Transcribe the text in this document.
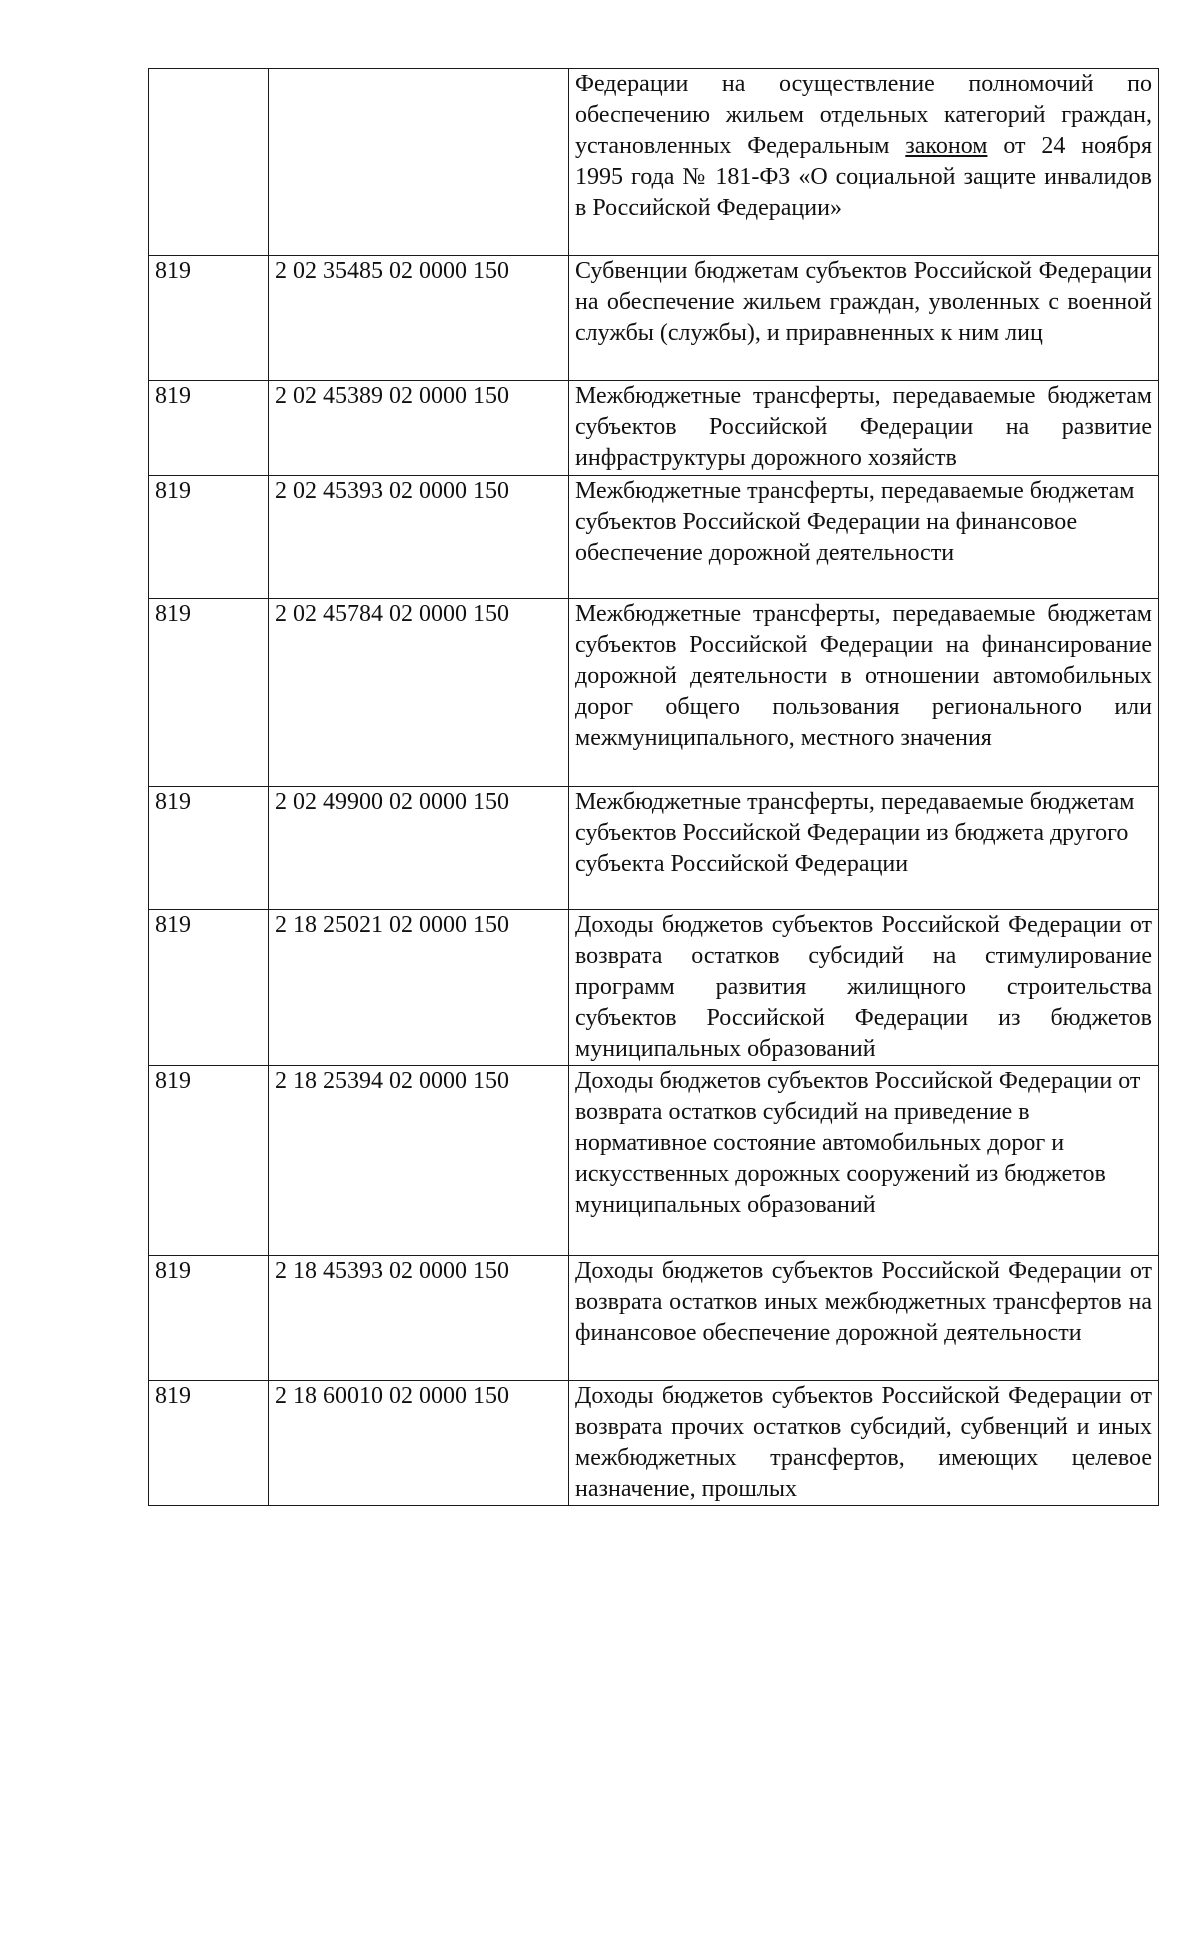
		Федерации на осуществление полномочий по обеспечению жильем отдельных категорий граждан, установленных Федеральным законом от 24 ноября 1995 года № 181-ФЗ «О социальной защите инвалидов в Российской Федерации»
819	2 02 35485 02 0000 150	Субвенции бюджетам субъектов Российской Федерации на обеспечение жильем граждан, уволенных с военной службы (службы), и приравненных к ним лиц
819	2 02 45389 02 0000 150	Межбюджетные трансферты, передаваемые бюджетам субъектов Российской Федерации на развитие инфраструктуры дорожного хозяйств
819	2 02 45393 02 0000 150	Межбюджетные трансферты, передаваемые бюджетам субъектов Российской Федерации на финансовое обеспечение дорожной деятельности
819	2 02 45784 02 0000 150	Межбюджетные трансферты, передаваемые бюджетам субъектов Российской Федерации на финансирование дорожной деятельности в отношении автомобильных дорог общего пользования регионального или межмуниципального, местного значения
819	2 02 49900 02 0000 150	Межбюджетные трансферты, передаваемые бюджетам субъектов Российской Федерации из бюджета другого субъекта Российской Федерации
819	2 18 25021 02 0000 150	Доходы бюджетов субъектов Российской Федерации от возврата остатков субсидий на стимулирование программ развития жилищного строительства субъектов Российской Федерации из бюджетов муниципальных образований
819	2 18 25394 02 0000 150	Доходы бюджетов субъектов Российской Федерации от возврата остатков субсидий на приведение в нормативное состояние автомобильных дорог и искусственных дорожных сооружений из бюджетов муниципальных образований
819	2 18 45393 02 0000 150	Доходы бюджетов субъектов Российской Федерации от возврата остатков иных межбюджетных трансфертов на финансовое обеспечение дорожной деятельности
819	2 18 60010 02 0000 150	Доходы бюджетов субъектов Российской Федерации от возврата прочих остатков субсидий, субвенций и иных межбюджетных трансфертов, имеющих целевое назначение, прошлых
